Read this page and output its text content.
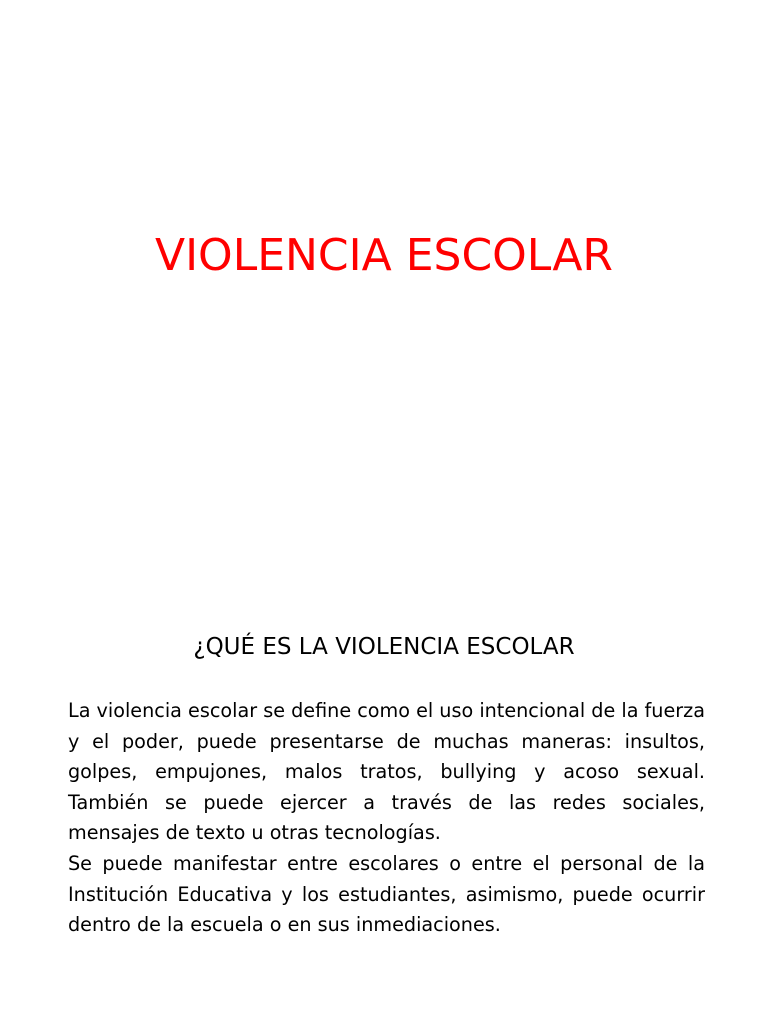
VIOLENCIA ESCOLAR
¿QUÉ ES LA VIOLENCIA ESCOLAR

La violencia escolar se define como el uso intencional de la fuerza y el poder, puede presentarse de muchas maneras: insultos, golpes, empujones, malos tratos, bullying y acoso sexual. También se puede ejercer a través de las redes sociales, mensajes de texto u otras tecnologías.

Se puede manifestar entre escolares o entre el personal de la Institución Educativa y los estudiantes, asimismo, puede ocurrir dentro de la escuela o en sus inmediaciones.
